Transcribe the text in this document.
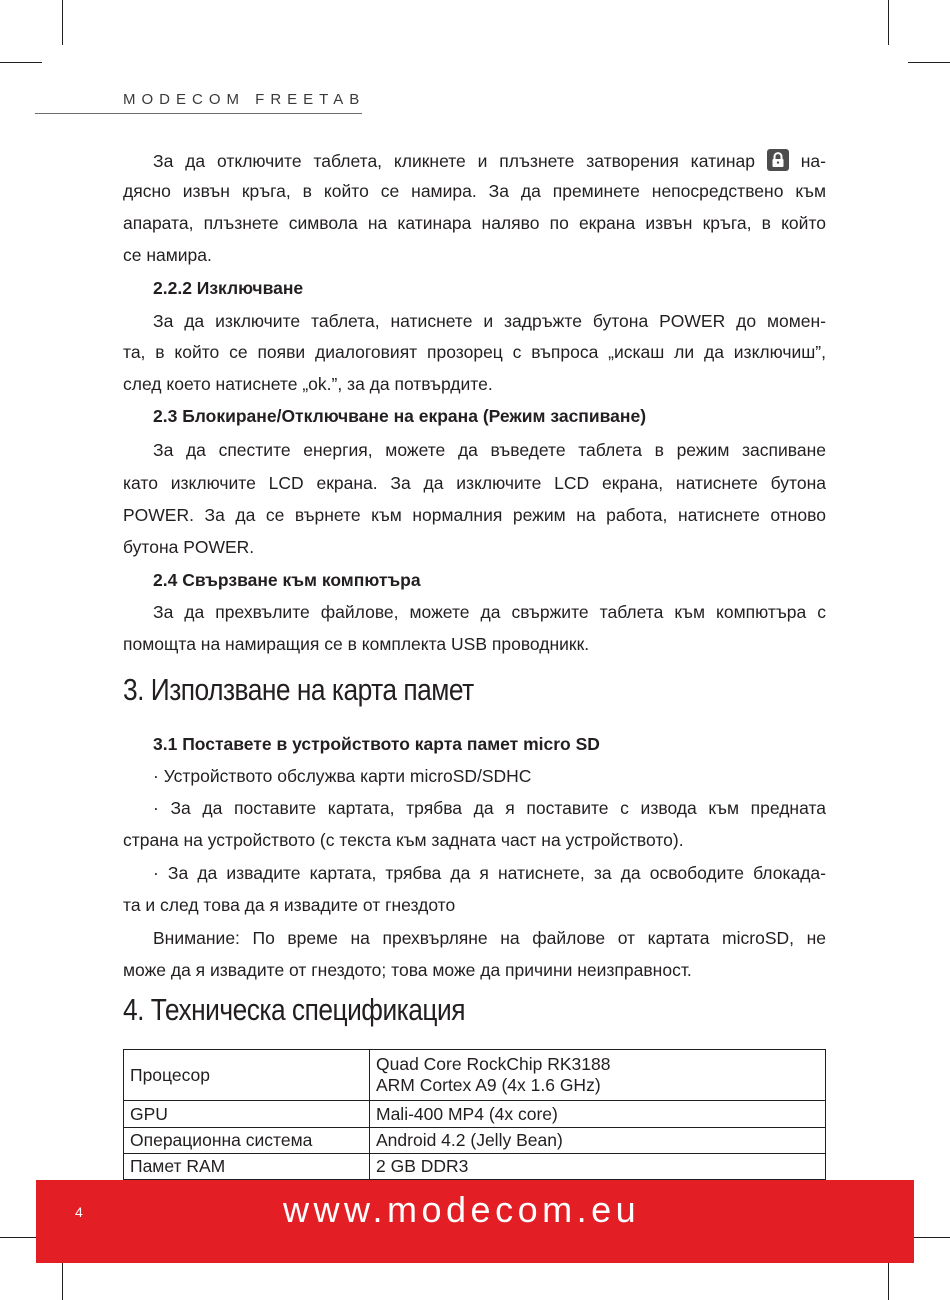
MODECOM FREETAB
За да отключите таблета, кликнете и плъзнете затворения катинар	на-
дясно извън кръга, в който се намира. За да преминете непосредствено към
апарата, плъзнете символа на катинара наляво по екрана извън кръга, в който
се намира.
2.2.2 Изключване
За да изключите таблета, натиснете и задръжте бутона POWER до момен-
та, в който се появи диалоговият прозорец с въпроса „искаш ли да изключиш”,
след което натиснете „ok.”, за да потвърдите.
2.3 Блокиране/Отключване на екрана (Режим заспиване)
За да спестите енергия, можете да въведете таблета в режим заспиване
като изключите LCD екрана. За да изключите LCD екрана, натиснете бутона
POWER. За да се върнете към нормалния режим на работа, натиснете отново
бутона POWER.
2.4 Свързване към компютъра
За да прехвълите файлове, можете да свържите таблета към компютъра с
помощта на намиращия се в комплекта USB проводникк.
3. Използване на карта памет
3.1 Поставете в устройството карта памет micro SD
· Устройството обслужва карти microSD/SDHC
· За да поставите картата, трябва да я поставите с извода към предната
страна на устройството (с текста към задната част на устройството).
· За да извадите картата, трябва да я натиснете, за да освободите блокада-
та и след това да я извадите от гнездото
Внимание: По време на прехвърляне на файлове от картата microSD, не
може да я извадите от гнездото; това може да причини неизправност.
4. Техническа спецификация
Процесор	Quad Core RockChip RK3188
ARM Cortex A9 (4x 1.6 GHz)

GPU	Mali-400 MP4 (4x core)
Операционна система	Android 4.2 (Jelly Bean)
Памет RAM	2 GB DDR3
4	www.modecom.eu
